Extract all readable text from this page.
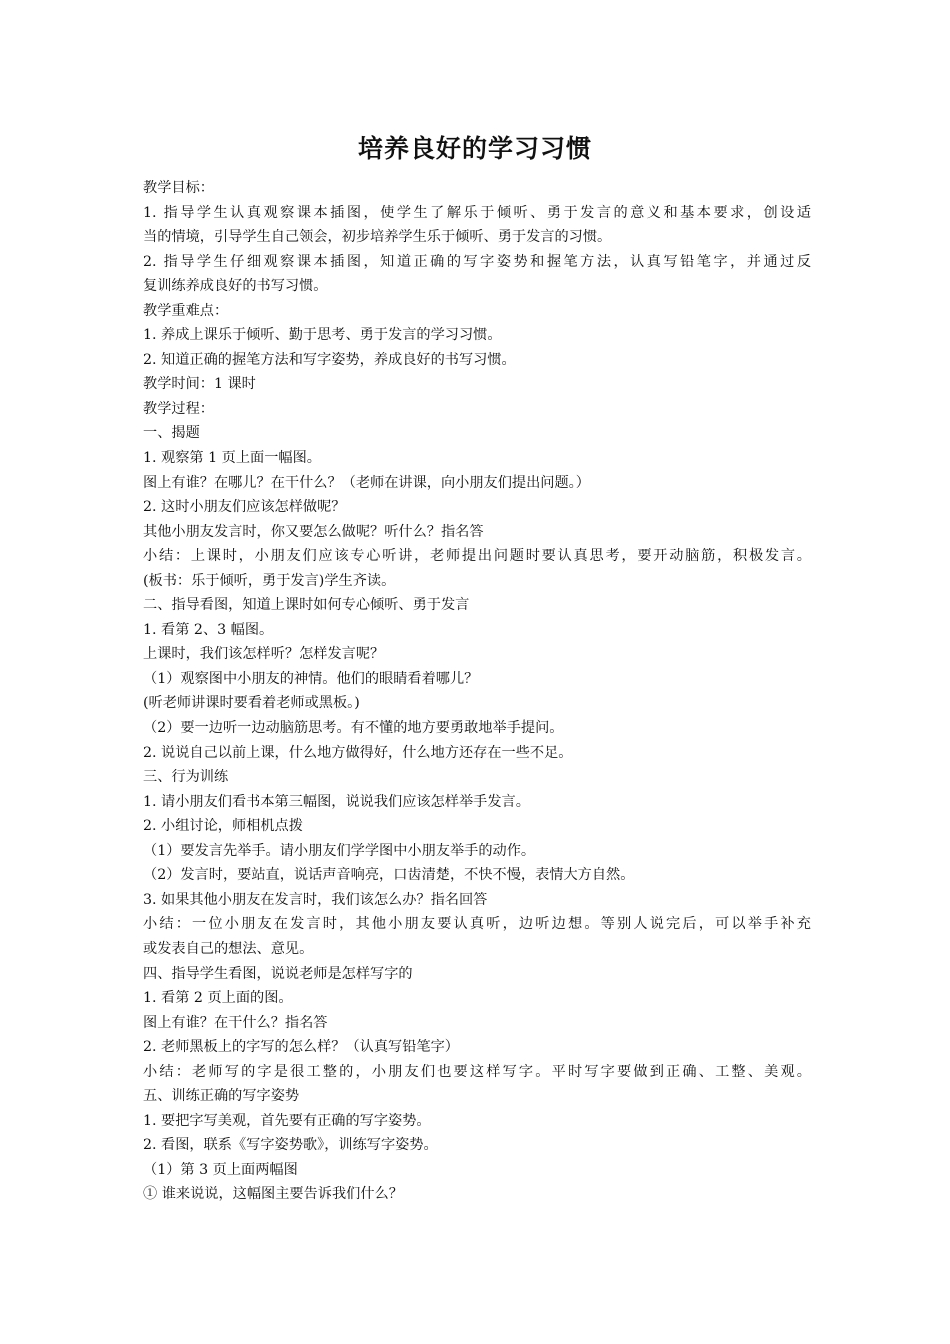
培养良好的学习习惯
教学目标：
1. 指导学生认真观察课本插图，使学生了解乐于倾听、勇于发言的意义和基本要求，创设适
当的情境，引导学生自己领会，初步培养学生乐于倾听、勇于发言的习惯。
2. 指导学生仔细观察课本插图，知道正确的写字姿势和握笔方法，认真写铅笔字，并通过反
复训练养成良好的书写习惯。
教学重难点：
1. 养成上课乐于倾听、勤于思考、勇于发言的学习习惯。
2. 知道正确的握笔方法和写字姿势，养成良好的书写习惯。
教学时间：1 课时
教学过程：
一、揭题
1. 观察第 1 页上面一幅图。
图上有谁？在哪儿？在干什么？（老师在讲课，向小朋友们提出问题。）
2. 这时小朋友们应该怎样做呢？
其他小朋友发言时，你又要怎么做呢？听什么？指名答
小结：上课时，小朋友们应该专心听讲，老师提出问题时要认真思考，要开动脑筋，积极发言。
(板书：乐于倾听，勇于发言)学生齐读。
二、指导看图，知道上课时如何专心倾听、勇于发言
1. 看第 2、3 幅图。
上课时，我们该怎样听？怎样发言呢？
（1）观察图中小朋友的神情。他们的眼睛看着哪儿？
(听老师讲课时要看着老师或黑板。)
（2）要一边听一边动脑筋思考。有不懂的地方要勇敢地举手提问。
2. 说说自己以前上课，什么地方做得好，什么地方还存在一些不足。
三、行为训练
1. 请小朋友们看书本第三幅图，说说我们应该怎样举手发言。
2. 小组讨论，师相机点拨
（1）要发言先举手。请小朋友们学学图中小朋友举手的动作。
（2）发言时，要站直，说话声音响亮，口齿清楚，不快不慢，表情大方自然。
3. 如果其他小朋友在发言时，我们该怎么办？指名回答
小结：一位小朋友在发言时，其他小朋友要认真听，边听边想。等别人说完后，可以举手补充
或发表自己的想法、意见。
四、指导学生看图，说说老师是怎样写字的
1. 看第 2 页上面的图。
图上有谁？在干什么？指名答
2. 老师黑板上的字写的怎么样？（认真写铅笔字）
小结：老师写的字是很工整的，小朋友们也要这样写字。平时写字要做到正确、工整、美观。
五、训练正确的写字姿势
1. 要把字写美观，首先要有正确的写字姿势。
2. 看图，联系《写字姿势歌》，训练写字姿势。
（1）第 3 页上面两幅图
① 谁来说说，这幅图主要告诉我们什么？
